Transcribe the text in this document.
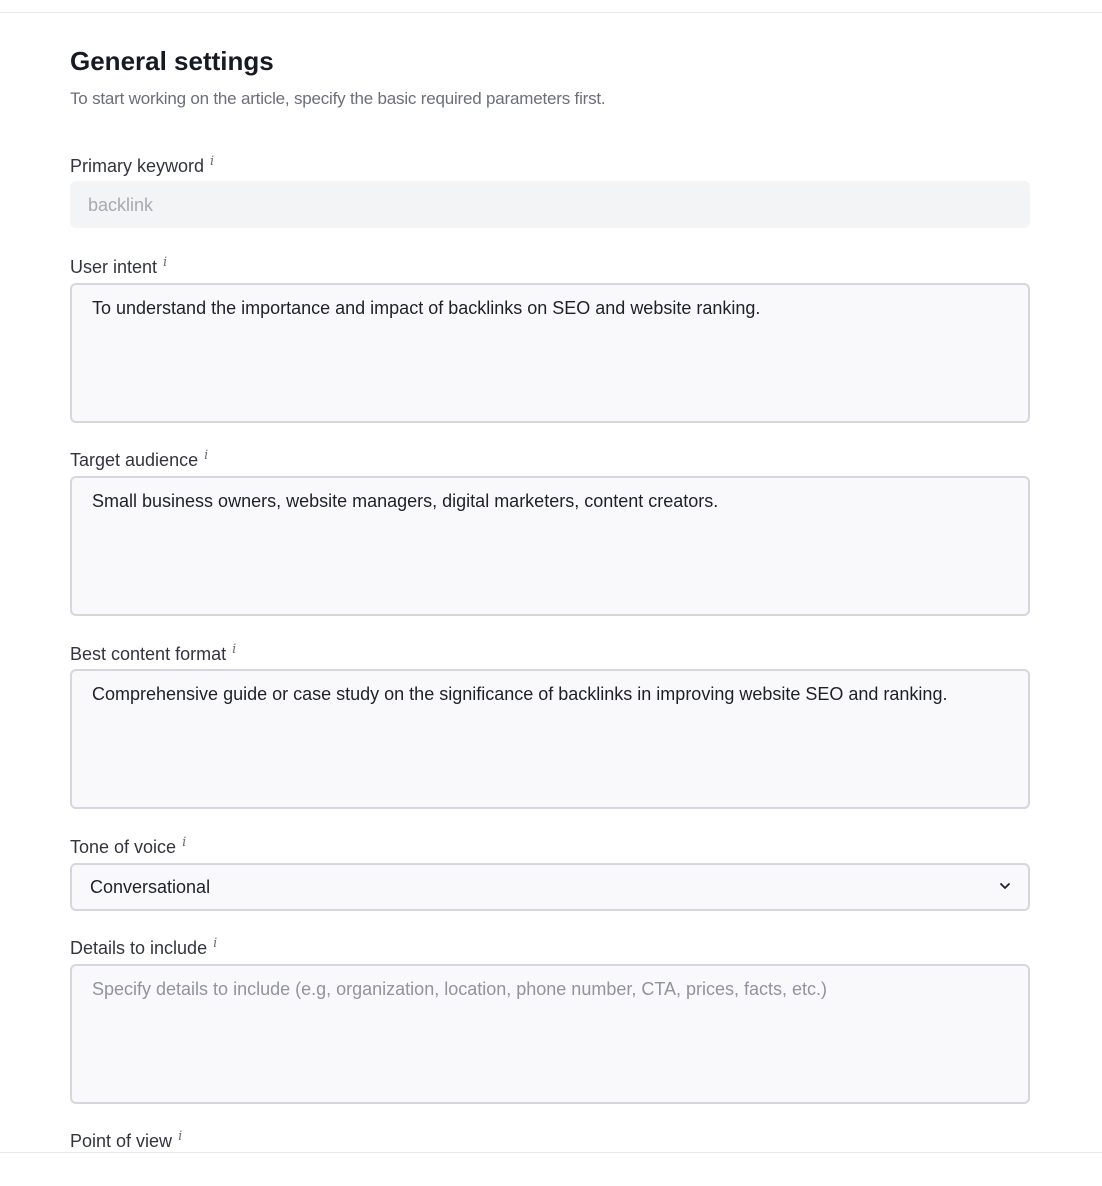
General settings
To start working on the article, specify the basic required parameters first.
Primary keyword i
backlink
User intent i
To understand the importance and impact of backlinks on SEO and website ranking.
Target audience i
Small business owners, website managers, digital marketers, content creators.
Best content format i
Comprehensive guide or case study on the significance of backlinks in improving website SEO and ranking.
Tone of voice i
Conversational
Details to include i
Specify details to include (e.g, organization, location, phone number, CTA, prices, facts, etc.)
Point of view i
